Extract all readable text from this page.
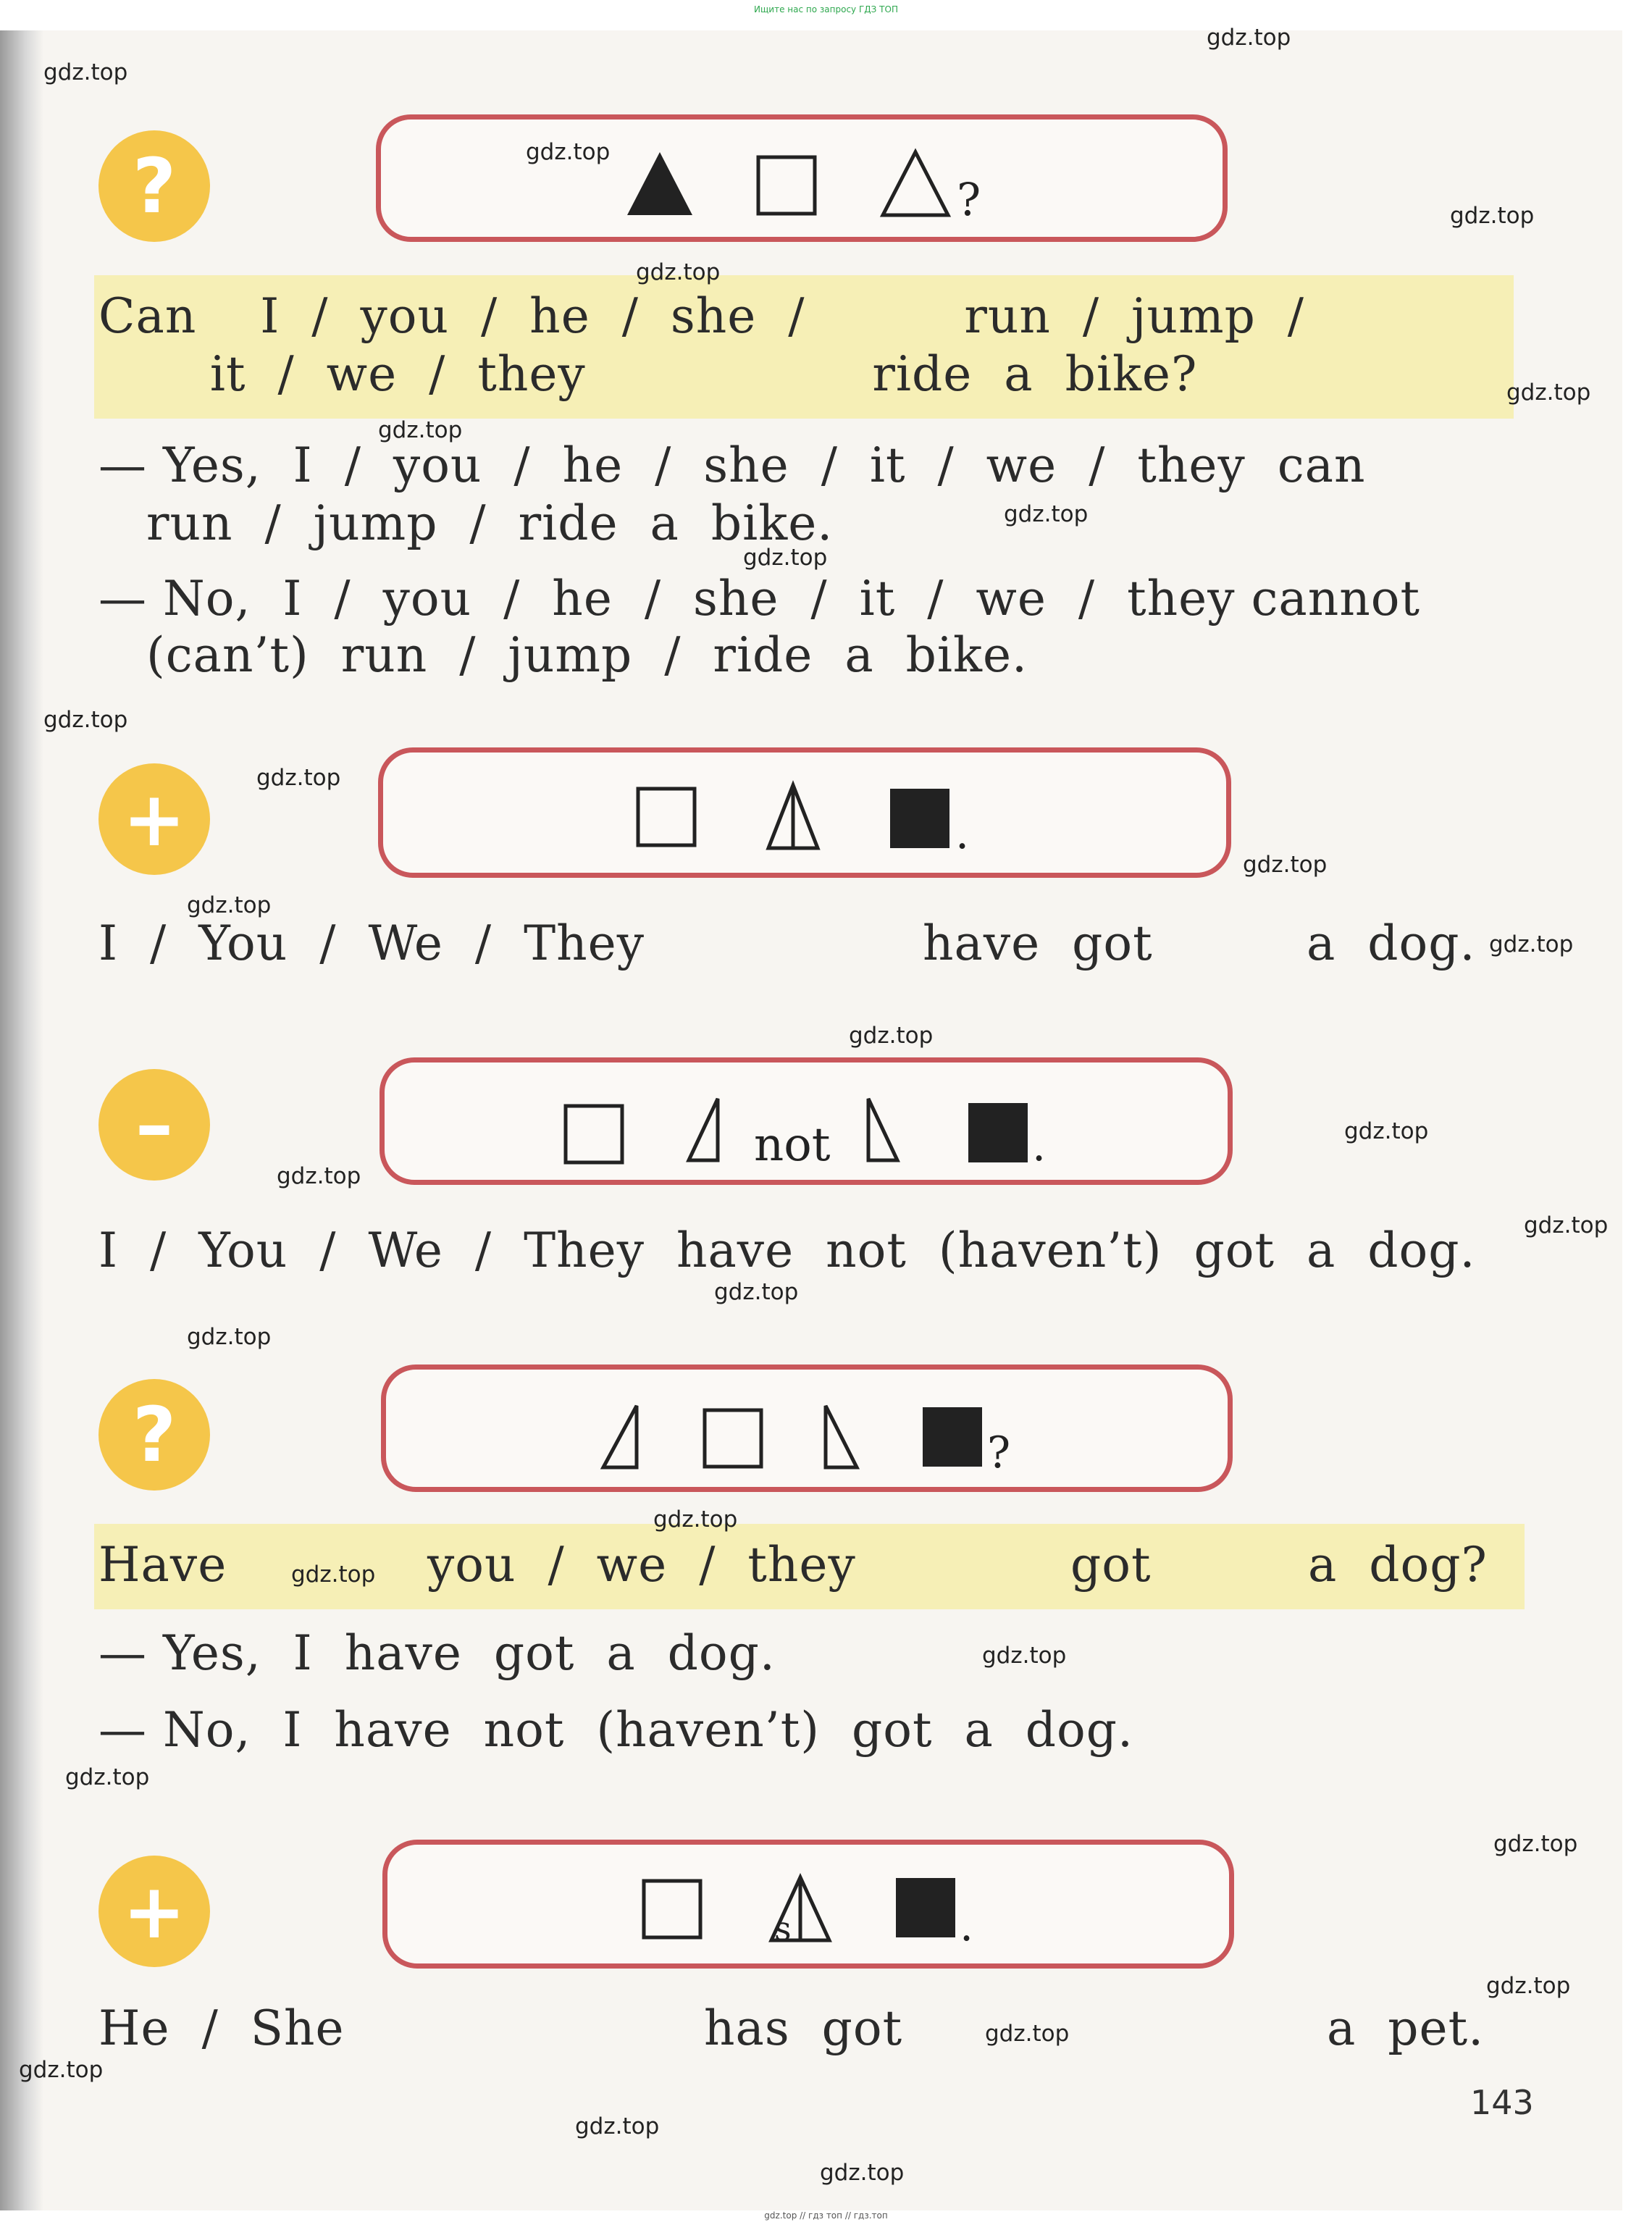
Ищите нас по запросу ГДЗ ТОП
?	?
Can    I  /  you  /  he  /  she  /          run  /  jump  /
it  /  we  /  they                  ride  a  bike?
— Yes,  I  /  you  /  he  /  she  /  it  /  we  /  they  can
run  /  jump  /  ride  a  bike.
— No,  I  /  you  /  he  /  she  /  it  /  we  /  they cannot
(can’t)  run  /  jump  /  ride  a  bike.
+	.
I  /  You  /  We  /  They	have  got	a  dog.
–	not	.
I  /  You  /  We  /  They  have  not  (haven’t)  got  a  dog.
?	?
Have	you  /  we  /  they	got	a  dog?
— Yes,  I  have  got  a  dog.
— No,  I  have  not  (haven’t)  got  a  dog.
+	s	.
He  /  She	has  got	a  pet.
143
gdz.top
gdz.top
gdz.top
gdz.top
gdz.top
gdz.top
gdz.top
gdz.top
gdz.top
gdz.top
gdz.top
gdz.top
gdz.top
gdz.top
gdz.top
gdz.top
gdz.top
gdz.top
gdz.top
gdz.top
gdz.top
gdz.top
gdz.top
gdz.top
gdz.top
gdz.top
gdz.top
gdz.top
gdz.top
gdz.top
gdz.top // гдз топ // гдз.топ
